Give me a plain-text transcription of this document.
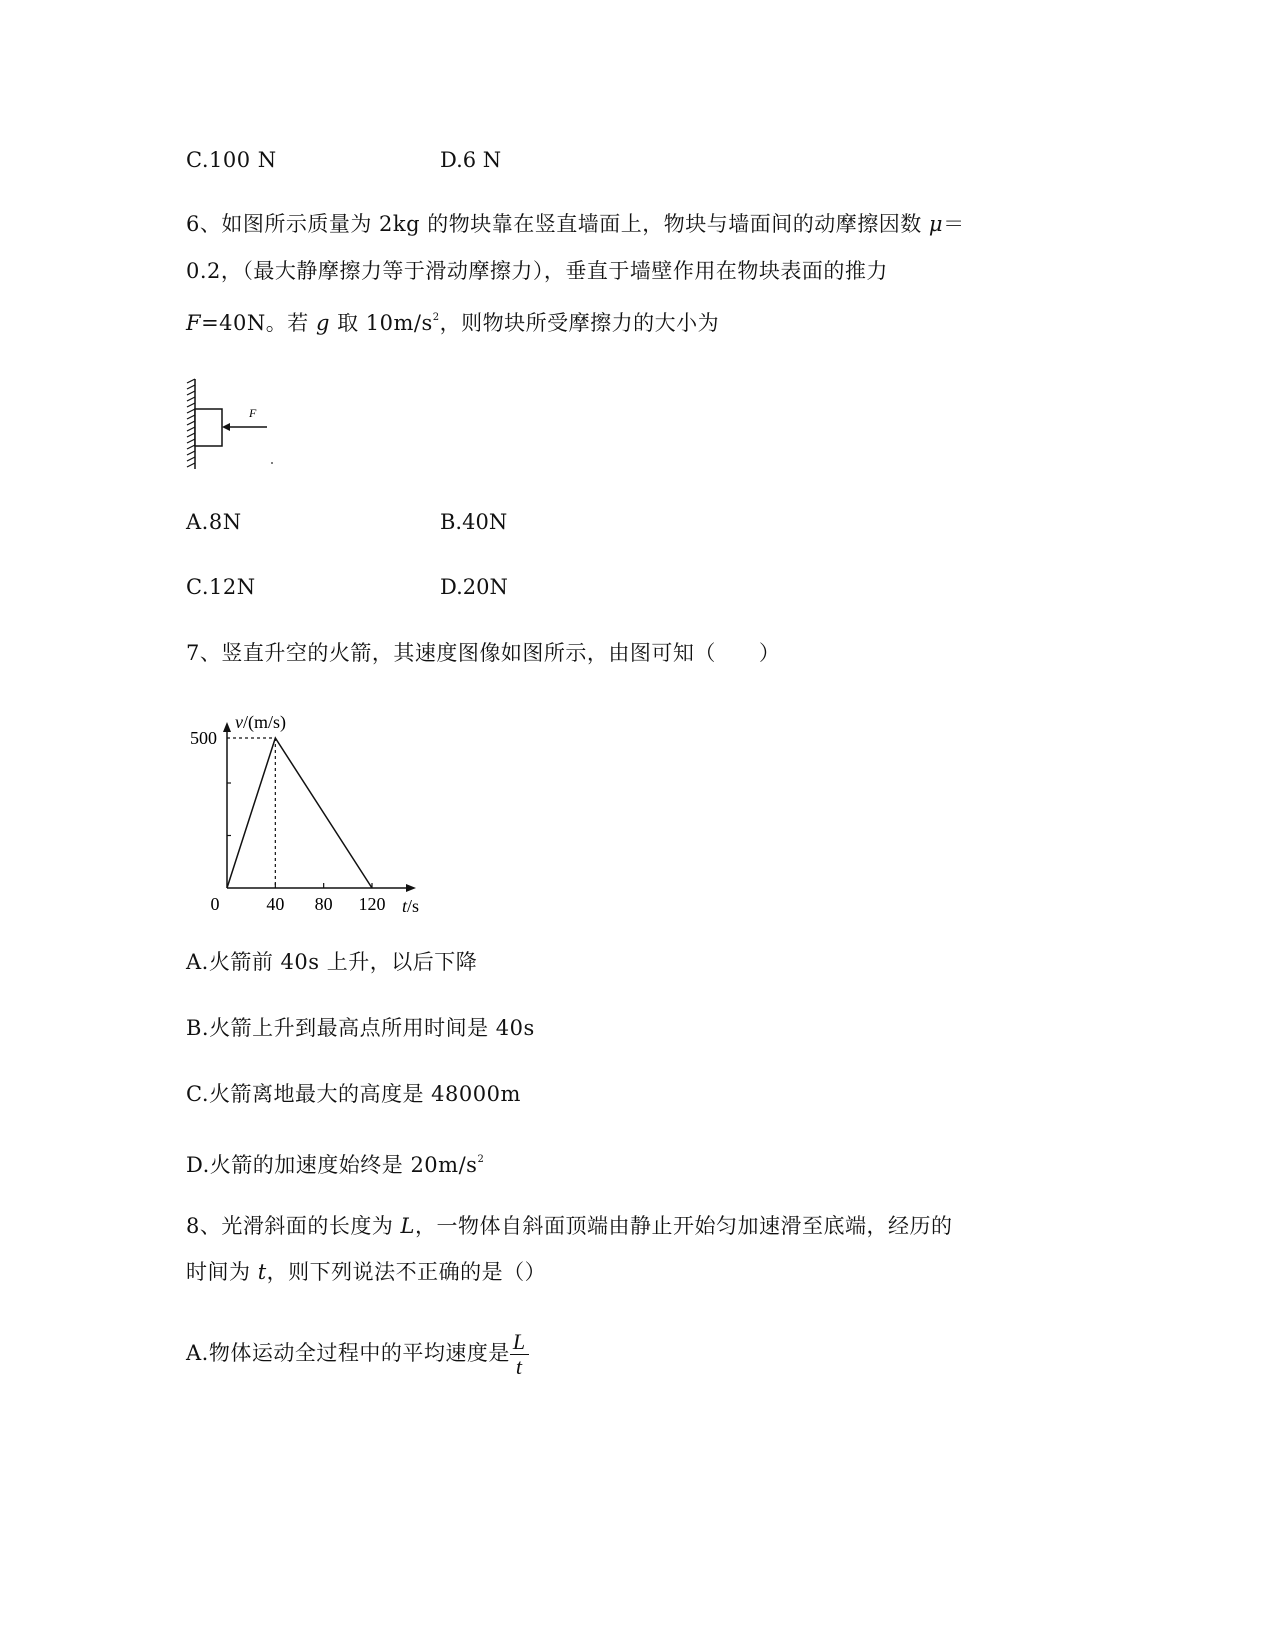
C.100 N	D.6 N
6、如图所示质量为 2kg 的物块靠在竖直墙面上，物块与墙面间的动摩擦因数 μ＝
0.2，（最大静摩擦力等于滑动摩擦力），垂直于墙壁作用在物块表面的推力
F=40N。若 g 取 $10m/s^2$，则物块所受摩擦力的大小为
F
A.8N	B.40N
C.12N	D.20N
7、竖直升空的火箭，其速度图像如图所示，由图可知（　　）
v/(m/s)
t/s
0	40 80 120
500
A.火箭前 40s 上升，以后下降
B.火箭上升到最高点所用时间是 40s
C.火箭离地最大的高度是 48000m
D.火箭的加速度始终是 $20m/s^2$
8、光滑斜面的长度为 L，一物体自斜面顶端由静止开始匀加速滑至底端，经历的
时间为 t，则下列说法不正确的是（）
A.物体运动全过程中的平均速度是 $\frac{L}{t}$
